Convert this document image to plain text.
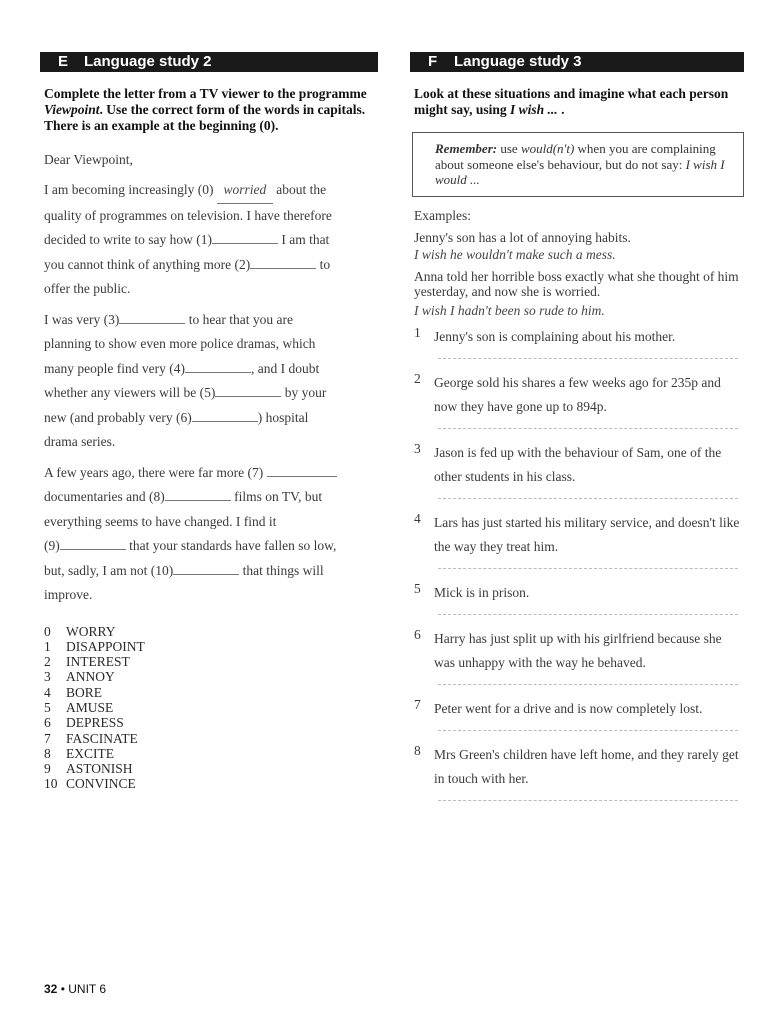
E Language study 2
Complete the letter from a TV viewer to the programme Viewpoint. Use the correct form of the words in capitals. There is an example at the beginning (0).
Dear Viewpoint,
I am becoming increasingly (0) worried about the
quality of programmes on television. I have therefore
decided to write to say how (1)	I am that
you cannot think of anything more (2)	to
offer the public.
I was very (3)	to hear that you are
planning to show even more police dramas, which
many people find very (4)	, and I doubt
whether any viewers will be (5)	by your
new (and probably very (6)	) hospital
drama series.
A few years ago, there were far more (7)
documentaries and (8)	films on TV, but
everything seems to have changed. I find it
(9)	that your standards have fallen so low,
but, sadly, I am not (10)	that things will
improve.
0	WORRY
1	DISAPPOINT
2	INTEREST
3	ANNOY
4	BORE
5	AMUSE
6	DEPRESS
7	FASCINATE
8	EXCITE
9	ASTONISH
10 CONVINCE
F Language study 3
Look at these situations and imagine what each person might say, using I wish ... .
Remember: use would(n't) when you are complaining about someone else's behaviour, but do not say: I wish I would ...
Examples:
Jenny's son has a lot of annoying habits.
I wish he wouldn't make such a mess.
Anna told her horrible boss exactly what she thought of him yesterday, and now she is worried.
I wish I hadn't been so rude to him.
1 Jenny's son is complaining about his mother.
2 George sold his shares a few weeks ago for 235p and now they have gone up to 894p.
3 Jason is fed up with the behaviour of Sam, one of the other students in his class.
4 Lars has just started his military service, and doesn't like the way they treat him.
5 Mick is in prison.
6 Harry has just split up with his girlfriend because she was unhappy with the way he behaved.
7 Peter went for a drive and is now completely lost.
8 Mrs Green's children have left home, and they rarely get in touch with her.
32 • UNIT 6
